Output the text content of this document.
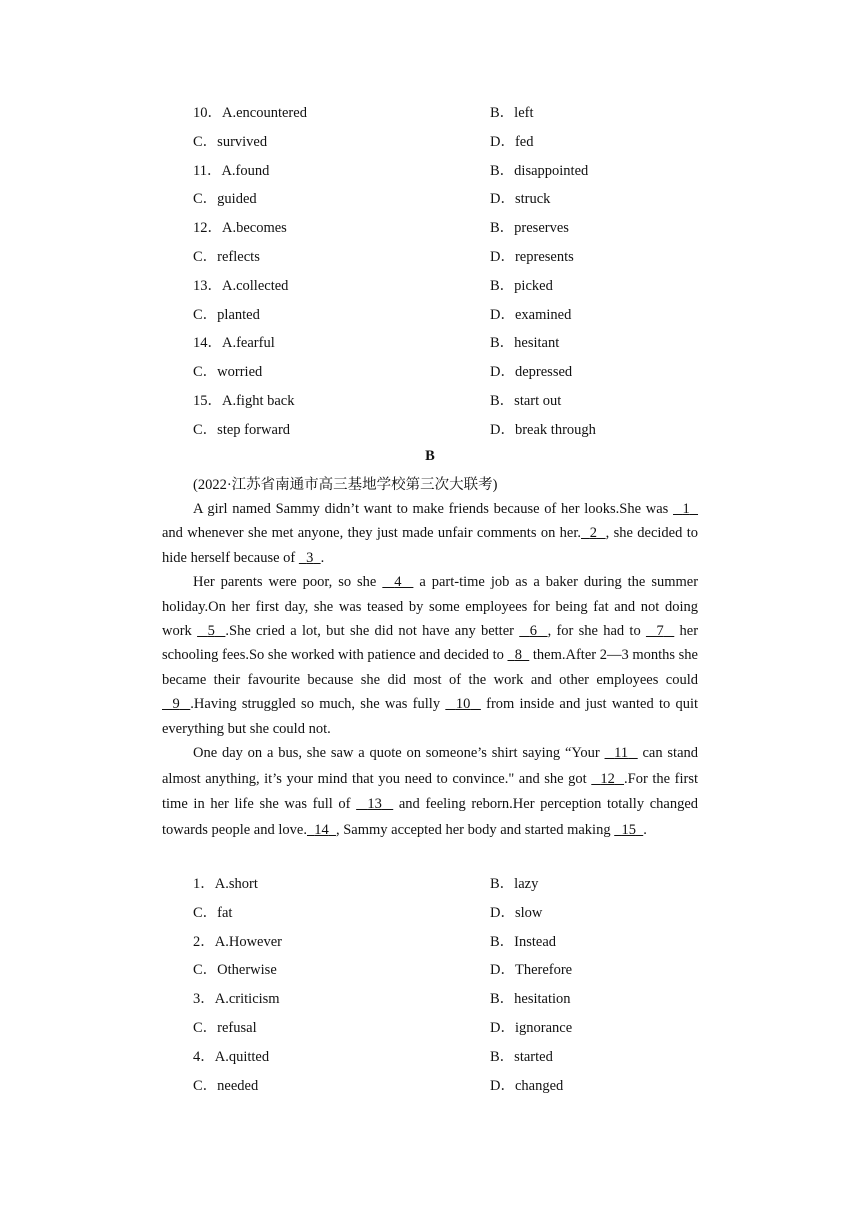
10．A.encountered	B．left
C．survived	D．fed
11．A.found	B．disappointed
C．guided	D．struck
12．A.becomes	B．preserves
C．reflects	D．represents
13．A.collected	B．picked
C．planted	D．examined
14．A.fearful	B．hesitant
C．worried	D．depressed
15．A.fight back	B．start out
C．step forward	D．break through
B
(2022·江苏省南通市高三基地学校第三次大联考)

A girl named Sammy didn’t want to make friends because of her looks.She was 1 and whenever she met anyone, they just made unfair comments on her. 2 , she decided to hide herself because of 3 .

Her parents were poor, so she 4 a part-time job as a baker during the summer holiday.On her first day, she was teased by some employees for being fat and not doing work 5 .She cried a lot, but she did not have any better 6 , for she had to 7 her schooling fees.So she worked with patience and decided to 8 them.After 2—3 months she became their favourite because she did most of the work and other employees could 9 .Having struggled so much, she was fully 10 from inside and just wanted to quit everything but she could not.

One day on a bus, she saw a quote on someone’s shirt saying “Your 11 can stand almost anything, it’s your mind that you need to convince." and she got 12 .For the first time in her life she was full of 13 and feeling reborn.Her perception totally changed towards people and love. 14 , Sammy accepted her body and started making 15 .

1．A.short	B．lazy
C．fat	D．slow
2．A.However	B．Instead
C．Otherwise	D．Therefore
3．A.criticism	B．hesitation
C．refusal	D．ignorance
4．A.quitted	B．started
C．needed	D．changed
